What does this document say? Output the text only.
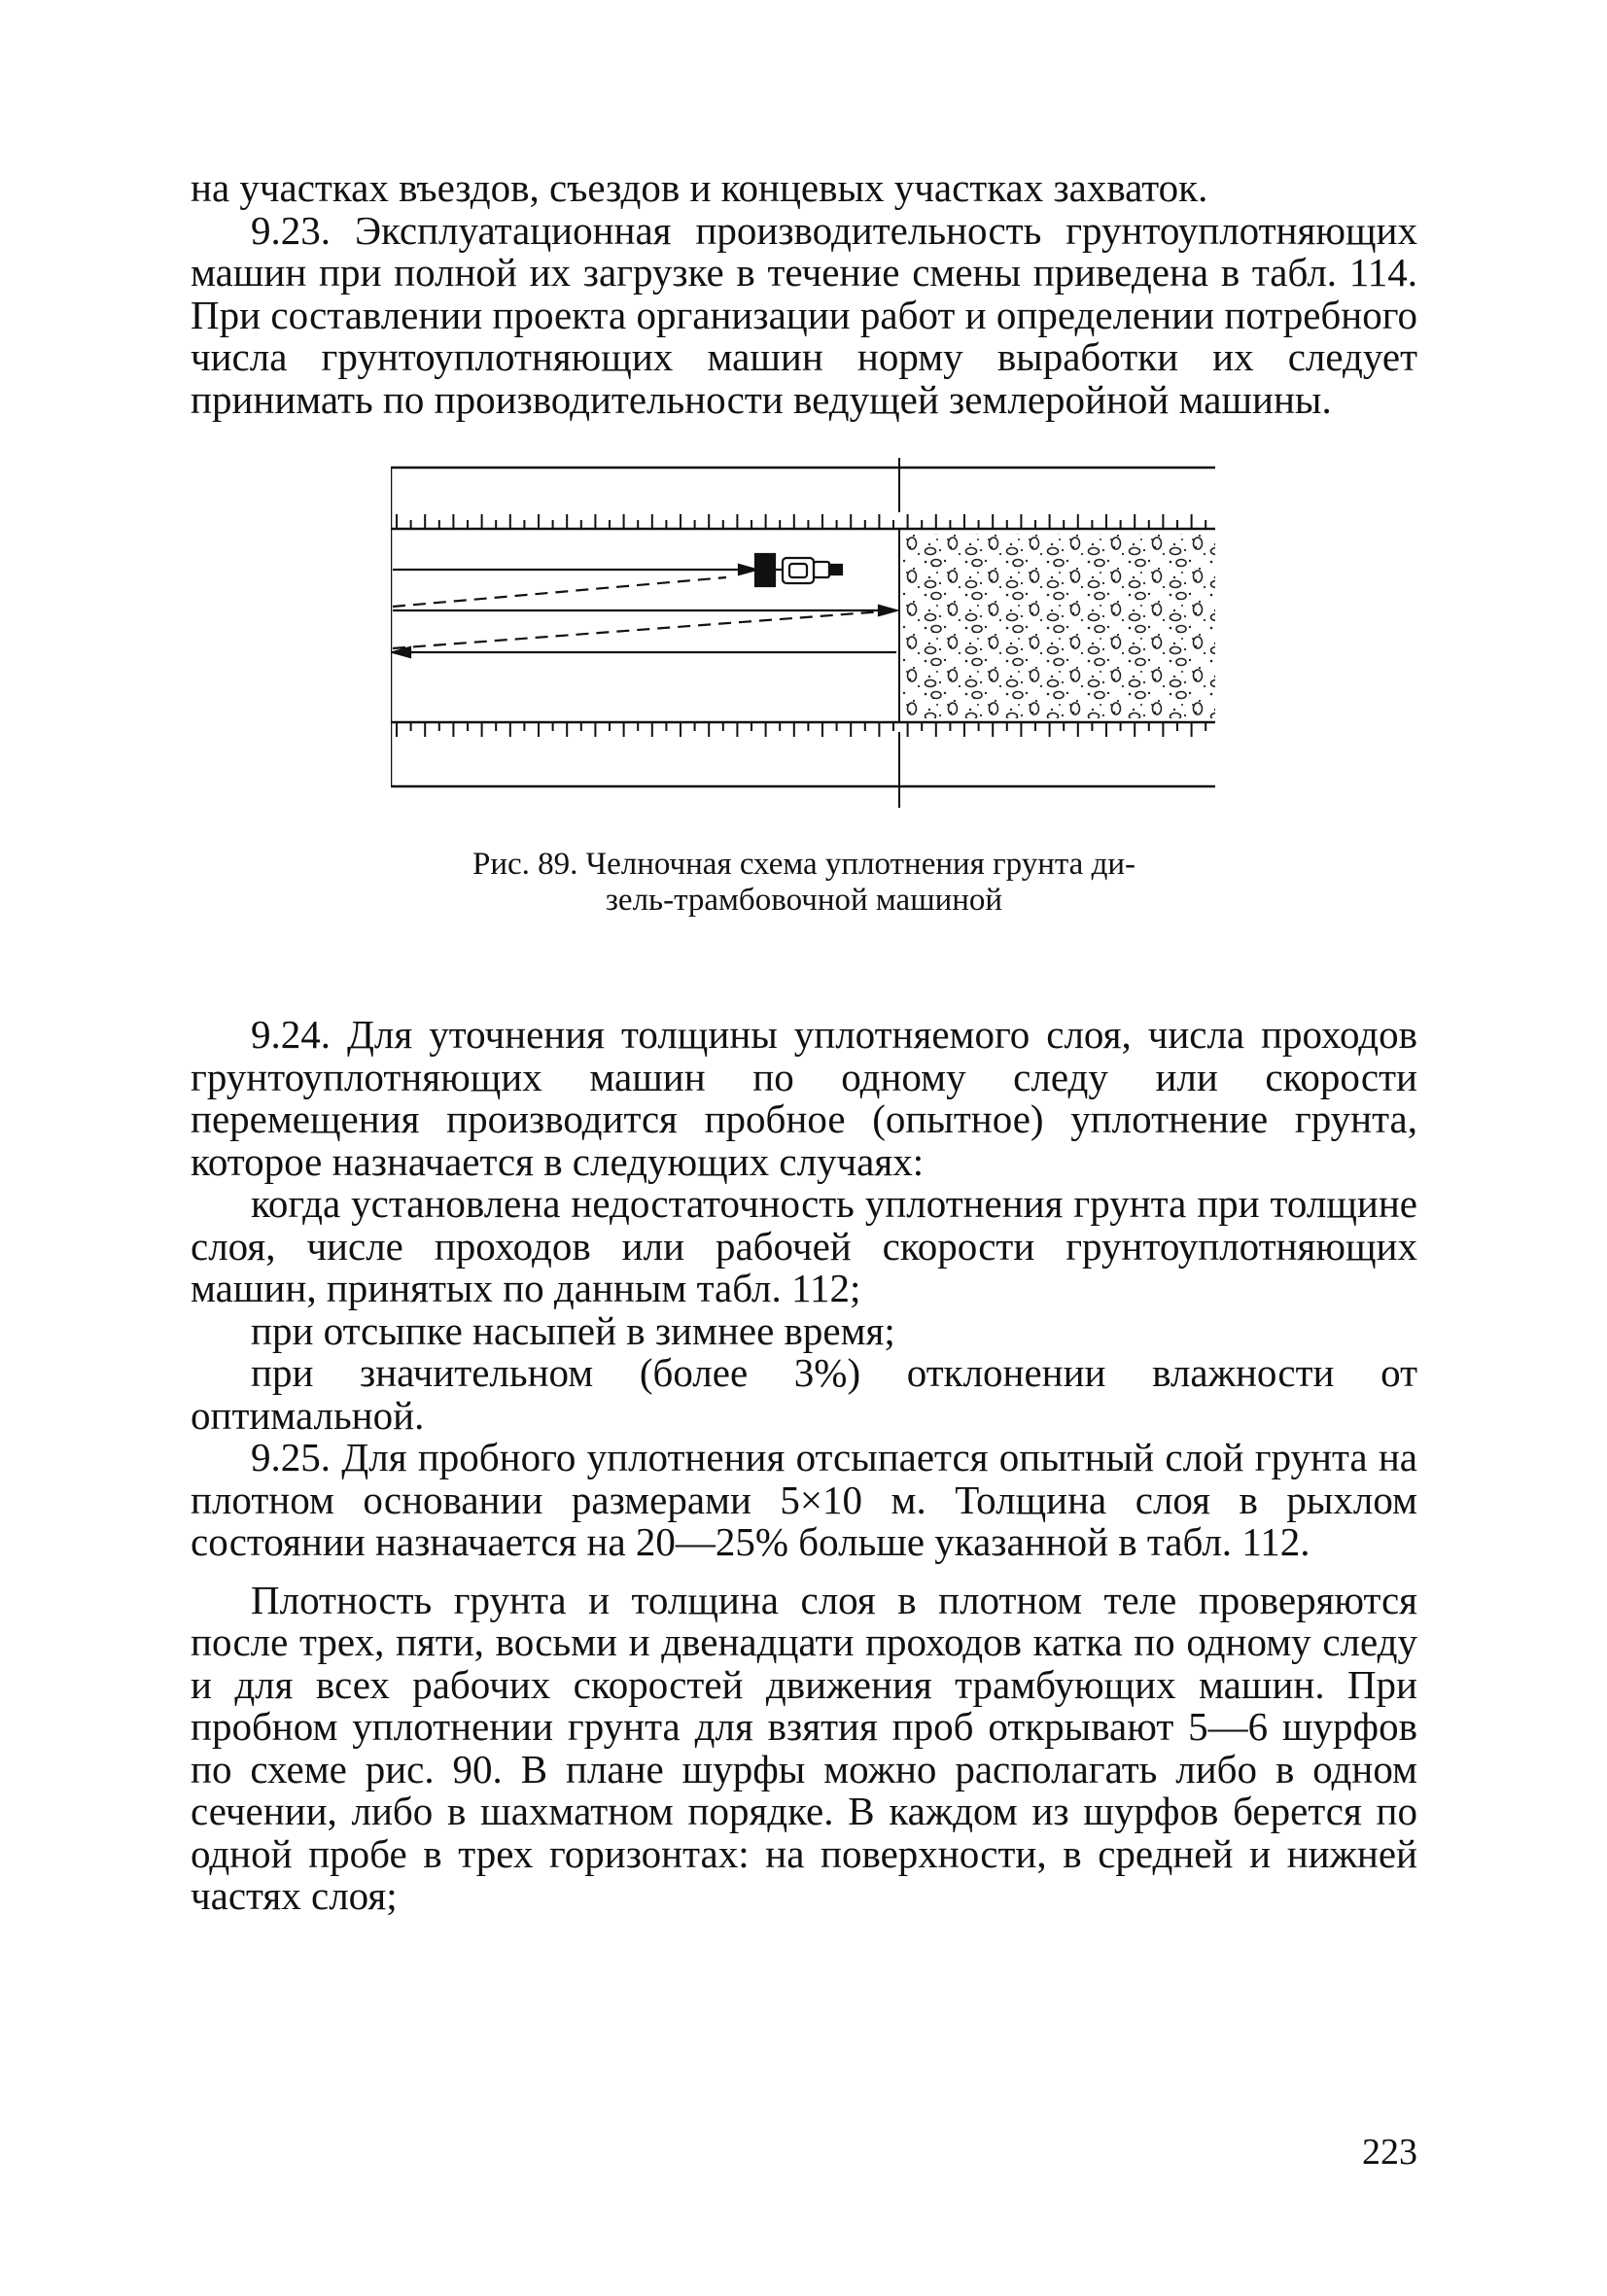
на участках въездов, съездов и концевых участках захваток.

9.23. Эксплуатационная производительность грунтоуплотняющих машин при полной их загрузке в течение смены приведена в табл. 114. При составлении проекта организации работ и определении потребного числа грунтоуплотняющих машин норму выработки их следует принимать по производительности ведущей землеройной машины.

Рис. 89. Челночная схема уплотнения грунта ди-
зель-трамбовочной машиной

9.24. Для уточнения толщины уплотняемого слоя, числа проходов грунтоуплотняющих машин по одному следу или скорости перемещения производится пробное (опытное) уплотнение грунта, которое назначается в следующих случаях:

когда установлена недостаточность уплотнения грунта при толщине слоя, числе проходов или рабочей скорости грунтоуплотняющих машин, принятых по данным табл. 112;

при отсыпке насыпей в зимнее время;

при значительном (более 3%) отклонении влажности от оптимальной.

9.25. Для пробного уплотнения отсыпается опытный слой грунта на плотном основании размерами 5×10 м. Толщина слоя в рыхлом состоянии назначается на 20—25% больше указанной в табл. 112.

Плотность грунта и толщина слоя в плотном теле проверяются после трех, пяти, восьми и двенадцати проходов катка по одному следу и для всех рабочих скоростей движения трамбующих машин. При пробном уплотнении грунта для взятия проб открывают 5—6 шурфов по схеме рис. 90. В плане шурфы можно располагать либо в одном сечении, либо в шахматном порядке. В каждом из шурфов берется по одной пробе в трех горизонтах: на поверхности, в средней и нижней частях слоя;

223
